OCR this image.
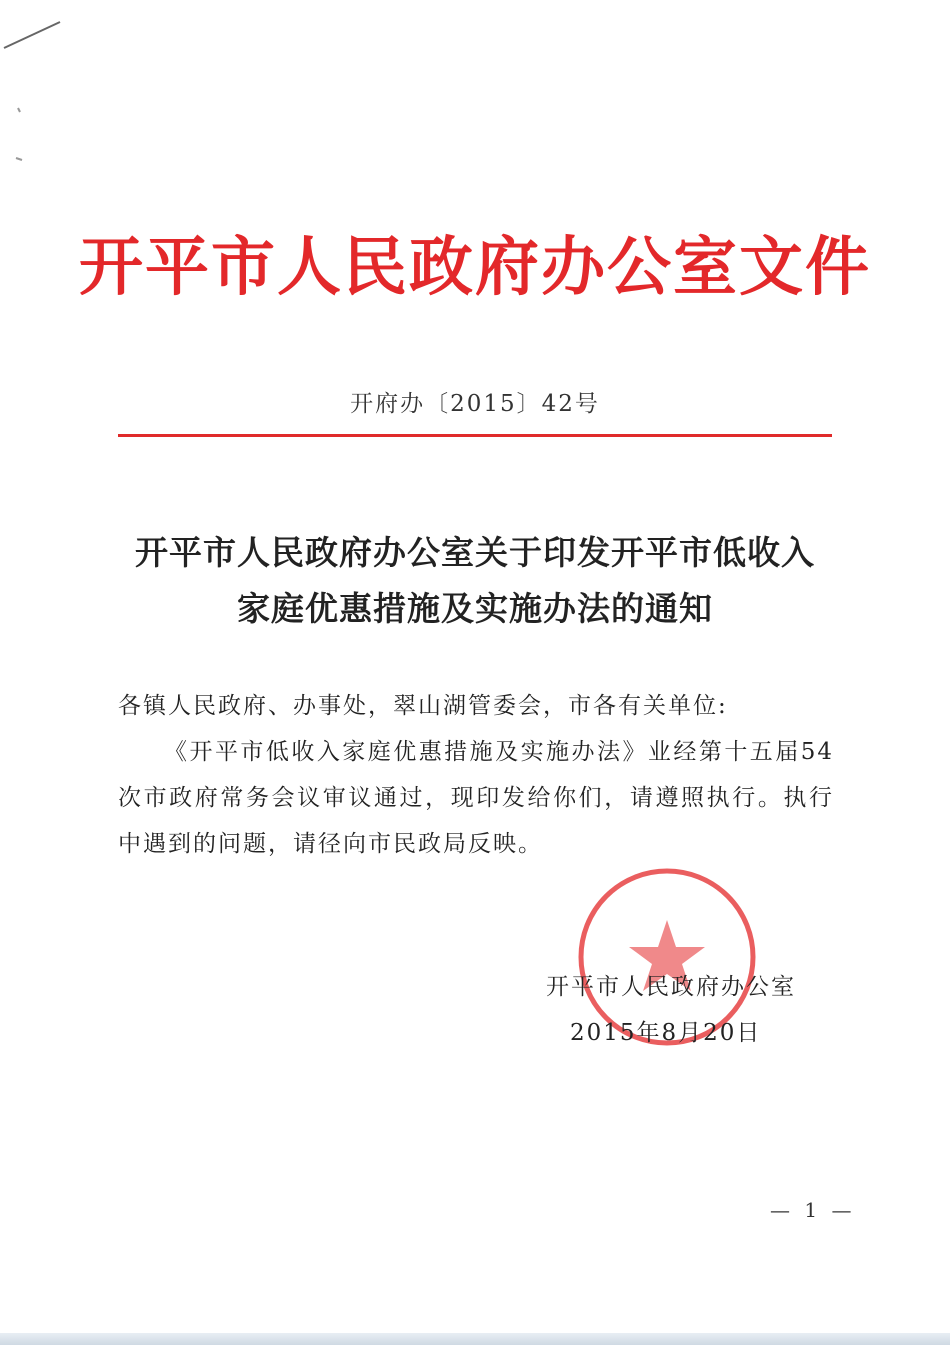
开平市人民政府办公室文件
开府办〔2015〕42号
开平市人民政府办公室关于印发开平市低收入
家庭优惠措施及实施办法的通知

各镇人民政府、办事处，翠山湖管委会，市各有关单位:

《开平市低收入家庭优惠措施及实施办法》业经第十五届54次市政府常务会议审议通过，现印发给你们，请遵照执行。执行中遇到的问题，请径向市民政局反映。

开平市人民政府办公室
2015年8月20日
— 1 —
